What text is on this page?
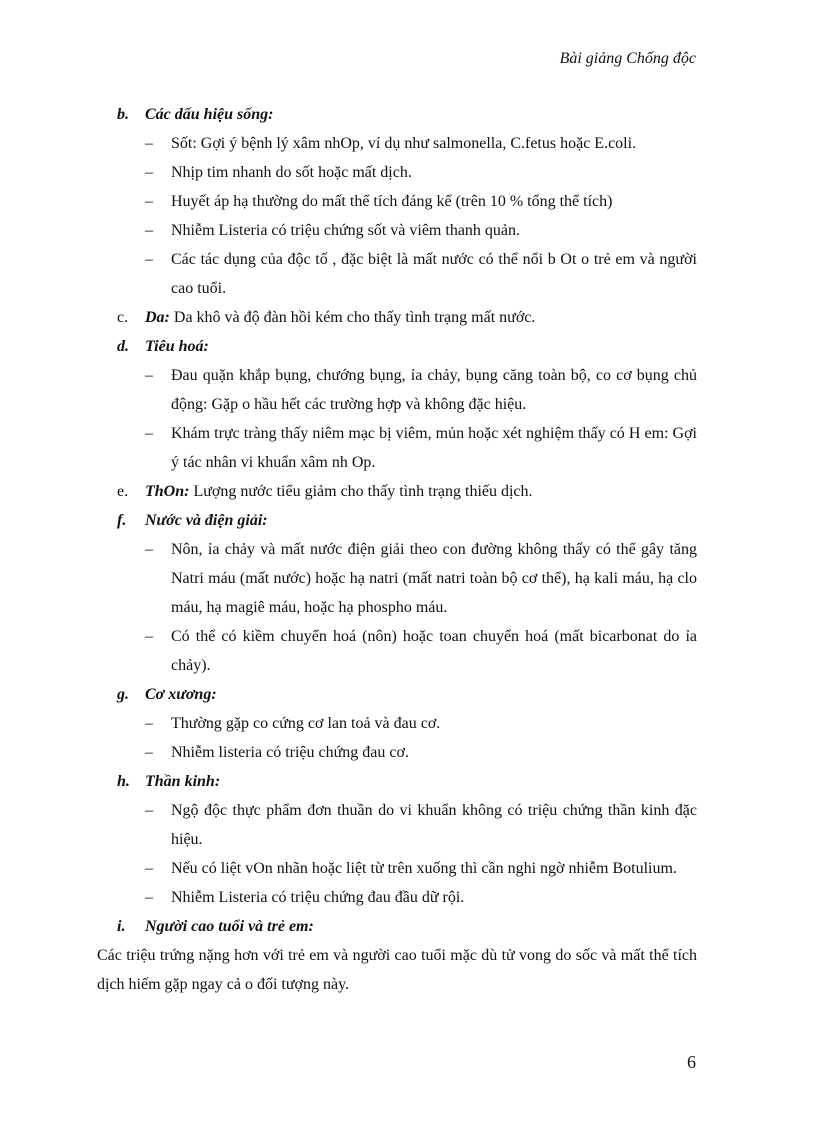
Bài giảng Chống độc
b. Các dấu hiệu sống:
– Sốt: Gợi ý bệnh lý xâm nhOp, ví dụ như salmonella, C.fetus hoặc E.coli.
– Nhịp tim nhanh do sốt hoặc mất dịch.
– Huyết áp hạ thường do mất thể tích đáng kể (trên 10 % tổng thể tích)
– Nhiễm Listeria có triệu chứng sốt và viêm thanh quản.
– Các tác dụng của độc tố , đặc biệt là mất nước có thể nổi b Ot o trẻ em và người cao tuổi.
c. Da: Da khô và độ đàn hồi kém cho thấy tình trạng mất nước.
d. Tiêu hoá:
– Đau quặn khắp bụng, chướng bụng, ỉa chảy, bụng căng toàn bộ, co cơ bụng chủ động: Gặp o hầu hết các trường hợp và không đặc hiệu.
– Khám trực tràng thấy niêm mạc bị viêm, mủn hoặc xét nghiệm thấy có H em: Gợi ý tác nhân vi khuẩn xâm nh Op.
e. ThOn: Lượng nước tiểu giảm cho thấy tình trạng thiếu dịch.
f. Nước và điện giải:
– Nôn, ỉa chảy và mất nước điện giải theo con đường không thấy có thể gây tăng Natri máu (mất nước) hoặc hạ natri (mất natri toàn bộ cơ thể), hạ kali máu, hạ clo máu, hạ magiê máu, hoặc hạ phospho máu.
– Có thể có kiềm chuyển hoá (nôn) hoặc toan chuyển hoá (mất bicarbonat do ỉa chảy).
g. Cơ xương:
– Thường gặp co cứng cơ lan toả và đau cơ.
– Nhiễm listeria có triệu chứng đau cơ.
h. Thần kinh:
– Ngộ độc thực phẩm đơn thuần do vi khuẩn không có triệu chứng thần kinh đặc hiệu.
– Nếu có liệt vOn nhãn hoặc liệt từ trên xuống thì cần nghi ngờ nhiễm Botulium.
– Nhiễm Listeria có triệu chứng đau đầu dữ rội.
i. Người cao tuổi và trẻ em:
Các triệu trứng nặng hơn với trẻ em và người cao tuổi mặc dù tử vong do sốc và mất thể tích dịch hiếm gặp ngay cả o đối tượng này.
6
